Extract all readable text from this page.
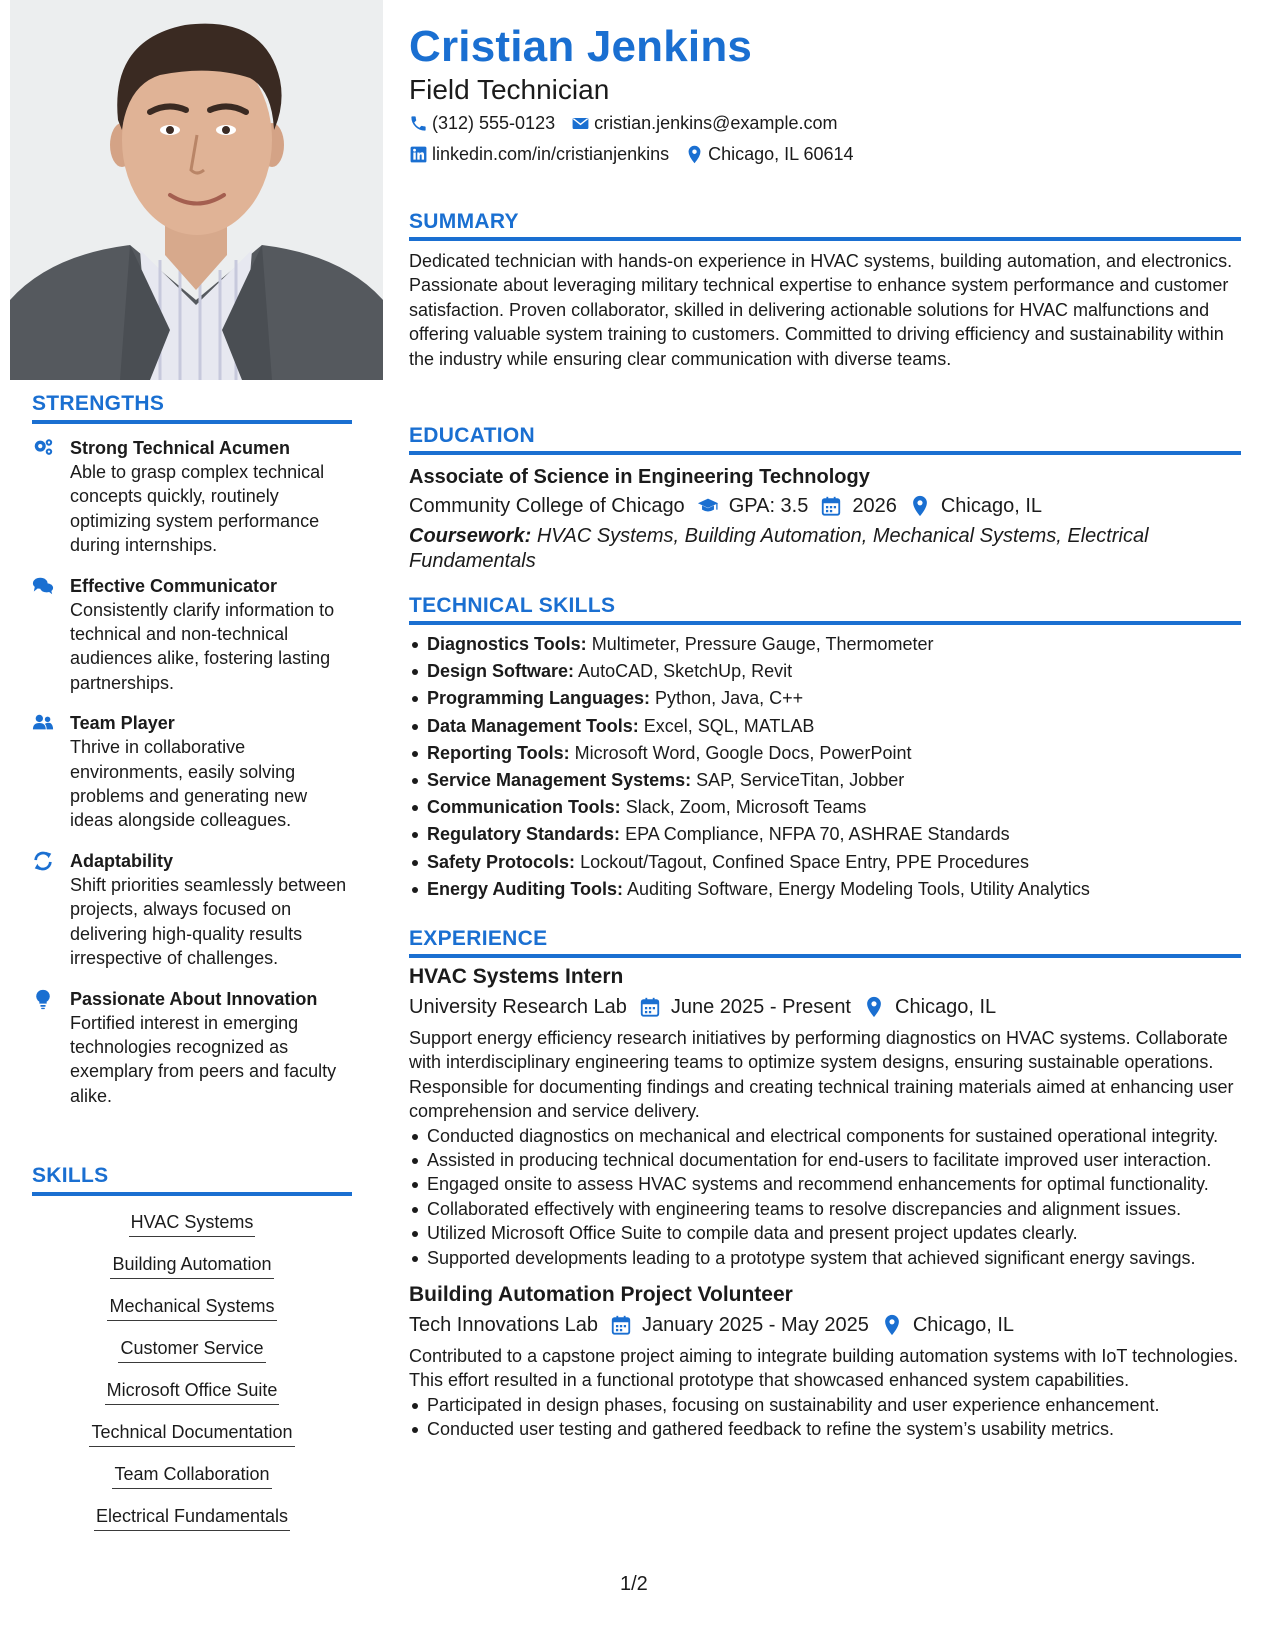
STRENGTHS
Strong Technical Acumen
Able to grasp complex technical concepts quickly, routinely optimizing system performance during internships.
Effective Communicator
Consistently clarify information to technical and non-technical audiences alike, fostering lasting partnerships.
Team Player
Thrive in collaborative environments, easily solving problems and generating new ideas alongside colleagues.
Adaptability
Shift priorities seamlessly between projects, always focused on delivering high-quality results irrespective of challenges.
Passionate About Innovation
Fortified interest in emerging technologies recognized as exemplary from peers and faculty alike.
SKILLS
HVAC Systems
Building Automation
Mechanical Systems
Customer Service
Microsoft Office Suite
Technical Documentation
Team Collaboration
Electrical Fundamentals
Cristian Jenkins
Field Technician
(312) 555-0123 cristian.jenkins@example.com
linkedin.com/in/cristianjenkins Chicago, IL 60614
SUMMARY
Dedicated technician with hands-on experience in HVAC systems, building automation, and electronics. Passionate about leveraging military technical expertise to enhance system performance and customer satisfaction. Proven collaborator, skilled in delivering actionable solutions for HVAC malfunctions and offering valuable system training to customers. Committed to driving efficiency and sustainability within the industry while ensuring clear communication with diverse teams.
EDUCATION
Associate of Science in Engineering Technology
Community College of Chicago GPA: 3.5 2026 Chicago, IL
Coursework: HVAC Systems, Building Automation, Mechanical Systems, Electrical Fundamentals
TECHNICAL SKILLS
Diagnostics Tools: Multimeter, Pressure Gauge, Thermometer
Design Software: AutoCAD, SketchUp, Revit
Programming Languages: Python, Java, C++
Data Management Tools: Excel, SQL, MATLAB
Reporting Tools: Microsoft Word, Google Docs, PowerPoint
Service Management Systems: SAP, ServiceTitan, Jobber
Communication Tools: Slack, Zoom, Microsoft Teams
Regulatory Standards: EPA Compliance, NFPA 70, ASHRAE Standards
Safety Protocols: Lockout/Tagout, Confined Space Entry, PPE Procedures
Energy Auditing Tools: Auditing Software, Energy Modeling Tools, Utility Analytics
EXPERIENCE
HVAC Systems Intern
University Research Lab June 2025 - Present Chicago, IL
Support energy efficiency research initiatives by performing diagnostics on HVAC systems. Collaborate with interdisciplinary engineering teams to optimize system designs, ensuring sustainable operations. Responsible for documenting findings and creating technical training materials aimed at enhancing user comprehension and service delivery.
Conducted diagnostics on mechanical and electrical components for sustained operational integrity.
Assisted in producing technical documentation for end-users to facilitate improved user interaction.
Engaged onsite to assess HVAC systems and recommend enhancements for optimal functionality.
Collaborated effectively with engineering teams to resolve discrepancies and alignment issues.
Utilized Microsoft Office Suite to compile data and present project updates clearly.
Supported developments leading to a prototype system that achieved significant energy savings.
Building Automation Project Volunteer
Tech Innovations Lab January 2025 - May 2025 Chicago, IL
Contributed to a capstone project aiming to integrate building automation systems with IoT technologies. This effort resulted in a functional prototype that showcased enhanced system capabilities.
Participated in design phases, focusing on sustainability and user experience enhancement.
Conducted user testing and gathered feedback to refine the system’s usability metrics.
1/2
